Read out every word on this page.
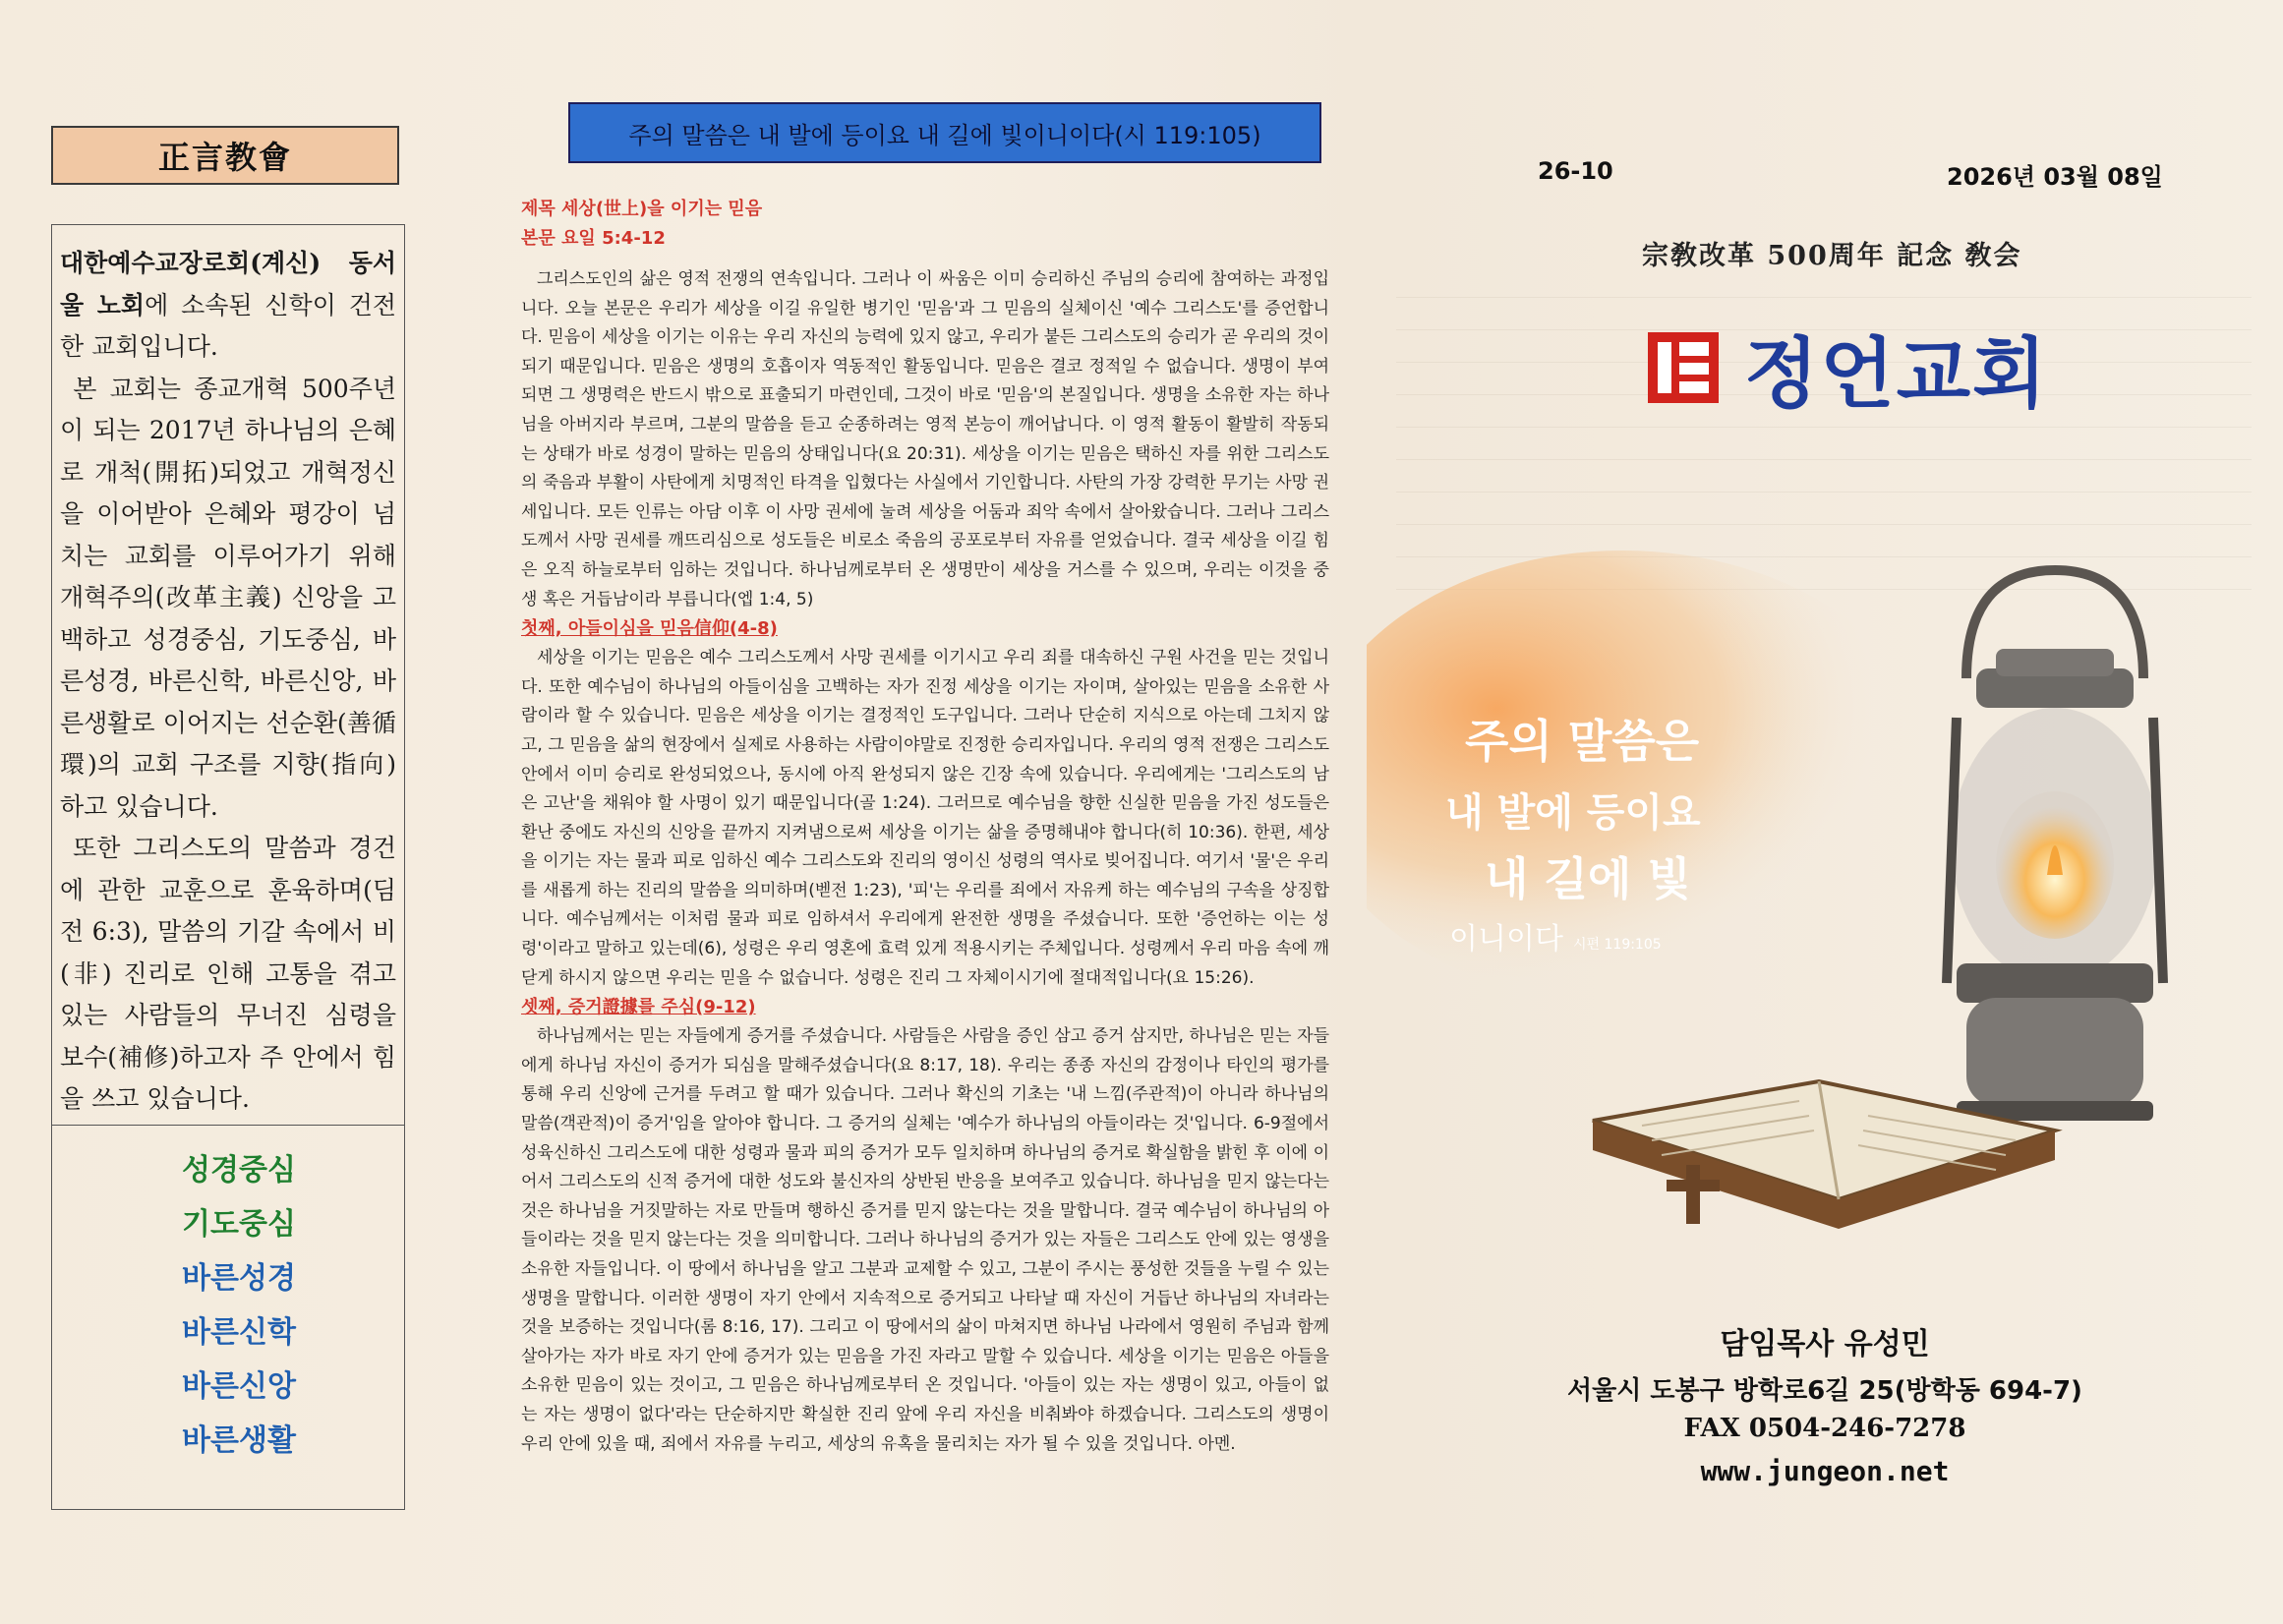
正言教會

대한예수교장로회(계신) 동서울 노회에 소속된 신학이 건전한 교회입니다.

본 교회는 종교개혁 500주년이 되는 2017년 하나님의 은혜로 개척(開拓)되었고 개혁정신을 이어받아 은혜와 평강이 넘치는 교회를 이루어가기 위해 개혁주의(改革主義) 신앙을 고백하고 성경중심, 기도중심, 바른성경, 바른신학, 바른신앙, 바른생활로 이어지는 선순환(善循環)의 교회 구조를 지향(指向)하고 있습니다.

또한 그리스도의 말씀과 경건에 관한 교훈으로 훈육하며(딤전 6:3), 말씀의 기갈 속에서 비(非) 진리로 인해 고통을 겪고 있는 사람들의 무너진 심령을 보수(補修)하고자 주 안에서 힘을 쓰고 있습니다.

성경중심
기도중심
바른성경
바른신학
바른신앙
바른생활
주의 말씀은 내 발에 등이요 내 길에 빛이니이다(시 119:105)
제목 세상(世上)을 이기는 믿음
본문 요일 5:4-12

그리스도인의 삶은 영적 전쟁의 연속입니다. 그러나 이 싸움은 이미 승리하신 주님의 승리에 참여하는 과정입니다. 오늘 본문은 우리가 세상을 이길 유일한 병기인 '믿음'과 그 믿음의 실체이신 '예수 그리스도'를 증언합니다. 믿음이 세상을 이기는 이유는 우리 자신의 능력에 있지 않고, 우리가 붙든 그리스도의 승리가 곧 우리의 것이 되기 때문입니다. 믿음은 생명의 호흡이자 역동적인 활동입니다. 믿음은 결코 정적일 수 없습니다. 생명이 부여되면 그 생명력은 반드시 밖으로 표출되기 마련인데, 그것이 바로 '믿음'의 본질입니다. 생명을 소유한 자는 하나님을 아버지라 부르며, 그분의 말씀을 듣고 순종하려는 영적 본능이 깨어납니다. 이 영적 활동이 활발히 작동되는 상태가 바로 성경이 말하는 믿음의 상태입니다(요 20:31). 세상을 이기는 믿음은 택하신 자를 위한 그리스도의 죽음과 부활이 사탄에게 치명적인 타격을 입혔다는 사실에서 기인합니다. 사탄의 가장 강력한 무기는 사망 권세입니다. 모든 인류는 아담 이후 이 사망 권세에 눌려 세상을 어둠과 죄악 속에서 살아왔습니다. 그러나 그리스도께서 사망 권세를 깨뜨리심으로 성도들은 비로소 죽음의 공포로부터 자유를 얻었습니다. 결국 세상을 이길 힘은 오직 하늘로부터 임하는 것입니다. 하나님께로부터 온 생명만이 세상을 거스를 수 있으며, 우리는 이것을 중생 혹은 거듭남이라 부릅니다(엡 1:4, 5)

첫째, 아들이심을 믿음信仰(4-8)

세상을 이기는 믿음은 예수 그리스도께서 사망 권세를 이기시고 우리 죄를 대속하신 구원 사건을 믿는 것입니다. 또한 예수님이 하나님의 아들이심을 고백하는 자가 진정 세상을 이기는 자이며, 살아있는 믿음을 소유한 사람이라 할 수 있습니다. 믿음은 세상을 이기는 결정적인 도구입니다. 그러나 단순히 지식으로 아는데 그치지 않고, 그 믿음을 삶의 현장에서 실제로 사용하는 사람이야말로 진정한 승리자입니다. 우리의 영적 전쟁은 그리스도 안에서 이미 승리로 완성되었으나, 동시에 아직 완성되지 않은 긴장 속에 있습니다. 우리에게는 '그리스도의 남은 고난'을 채워야 할 사명이 있기 때문입니다(골 1:24). 그러므로 예수님을 향한 신실한 믿음을 가진 성도들은 환난 중에도 자신의 신앙을 끝까지 지켜냄으로써 세상을 이기는 삶을 증명해내야 합니다(히 10:36). 한편, 세상을 이기는 자는 물과 피로 임하신 예수 그리스도와 진리의 영이신 성령의 역사로 빚어집니다. 여기서 '물'은 우리를 새롭게 하는 진리의 말씀을 의미하며(벧전 1:23), '피'는 우리를 죄에서 자유케 하는 예수님의 구속을 상징합니다. 예수님께서는 이처럼 물과 피로 임하셔서 우리에게 완전한 생명을 주셨습니다. 또한 '증언하는 이는 성령'이라고 말하고 있는데(6), 성령은 우리 영혼에 효력 있게 적용시키는 주체입니다. 성령께서 우리 마음 속에 깨닫게 하시지 않으면 우리는 믿을 수 없습니다. 성령은 진리 그 자체이시기에 절대적입니다(요 15:26).

셋째, 증거證據를 주심(9-12)

하나님께서는 믿는 자들에게 증거를 주셨습니다. 사람들은 사람을 증인 삼고 증거 삼지만, 하나님은 믿는 자들에게 하나님 자신이 증거가 되심을 말해주셨습니다(요 8:17, 18). 우리는 종종 자신의 감정이나 타인의 평가를 통해 우리 신앙에 근거를 두려고 할 때가 있습니다. 그러나 확신의 기초는 '내 느낌(주관적)이 아니라 하나님의 말씀(객관적)이 증거'임을 알아야 합니다. 그 증거의 실체는 '예수가 하나님의 아들이라는 것'입니다. 6-9절에서 성육신하신 그리스도에 대한 성령과 물과 피의 증거가 모두 일치하며 하나님의 증거로 확실함을 밝힌 후 이에 이어서 그리스도의 신적 증거에 대한 성도와 불신자의 상반된 반응을 보여주고 있습니다. 하나님을 믿지 않는다는 것은 하나님을 거짓말하는 자로 만들며 행하신 증거를 믿지 않는다는 것을 말합니다. 결국 예수님이 하나님의 아들이라는 것을 믿지 않는다는 것을 의미합니다. 그러나 하나님의 증거가 있는 자들은 그리스도 안에 있는 영생을 소유한 자들입니다. 이 땅에서 하나님을 알고 그분과 교제할 수 있고, 그분이 주시는 풍성한 것들을 누릴 수 있는 생명을 말합니다. 이러한 생명이 자기 안에서 지속적으로 증거되고 나타날 때 자신이 거듭난 하나님의 자녀라는 것을 보증하는 것입니다(롬 8:16, 17). 그리고 이 땅에서의 삶이 마쳐지면 하나님 나라에서 영원히 주님과 함께 살아가는 자가 바로 자기 안에 증거가 있는 믿음을 가진 자라고 말할 수 있습니다. 세상을 이기는 믿음은 아들을 소유한 믿음이 있는 것이고, 그 믿음은 하나님께로부터 온 것입니다. '아들이 있는 자는 생명이 있고, 아들이 없는 자는 생명이 없다'라는 단순하지만 확실한 진리 앞에 우리 자신을 비춰봐야 하겠습니다. 그리스도의 생명이 우리 안에 있을 때, 죄에서 자유를 누리고, 세상의 유혹을 물리치는 자가 될 수 있을 것입니다. 아멘.

26-10	2026년 03월 08일
宗敎改革 500周年 記念 敎会
정언교회
주의 말씀은
내 발에 등이요
내 길에 빛
이니이다 시편 119:105
담임목사 유성민
서울시 도봉구 방학로6길 25(방학동 694-7)
FAX 0504-246-7278
www.jungeon.net
